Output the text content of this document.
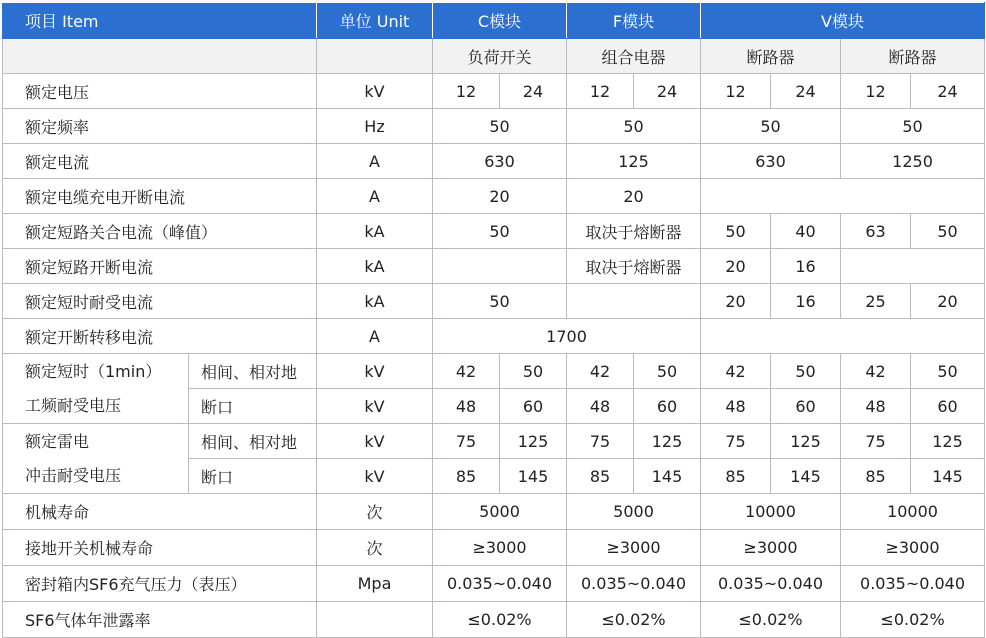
项目 Item		单位 Unit	C模块		F模块		V模块			
			负荷开关		组合电器		断路器		断路器	
额定电压		kV	12	24	12	24	12	24	12	24
额定频率		Hz	50		50		50		50	
额定电流		A	630		125		630		1250	
额定电缆充电开断电流		A	20		20					
额定短路关合电流（峰值）		kA	50		取决于熔断器		50	40	63	50
额定短路开断电流		kA			取决于熔断器		20	16		
额定短时耐受电流		kA	50				20	16	25	20
额定开断转移电流		A	1700							

额定短时（1min）
工频耐受电压	相间、相对地	kV	42	50	42	50	42	50	42	50
	断口	kV	48	60	48	60	48	60	48	60

额定雷电
冲击耐受电压	相间、相对地	kV	75	125	75	125	75	125	75	125
	断口	kV	85	145	85	145	85	145	85	145
机械寿命		次	5000		5000		10000		10000	
接地开关机械寿命		次	≥3000		≥3000		≥3000		≥3000	
密封箱内SF6充气压力（表压）		Mpa	0.035~0.040		0.035~0.040		0.035~0.040		0.035~0.040	
SF6气体年泄露率			≤0.02%		≤0.02%		≤0.02%		≤0.02%	
